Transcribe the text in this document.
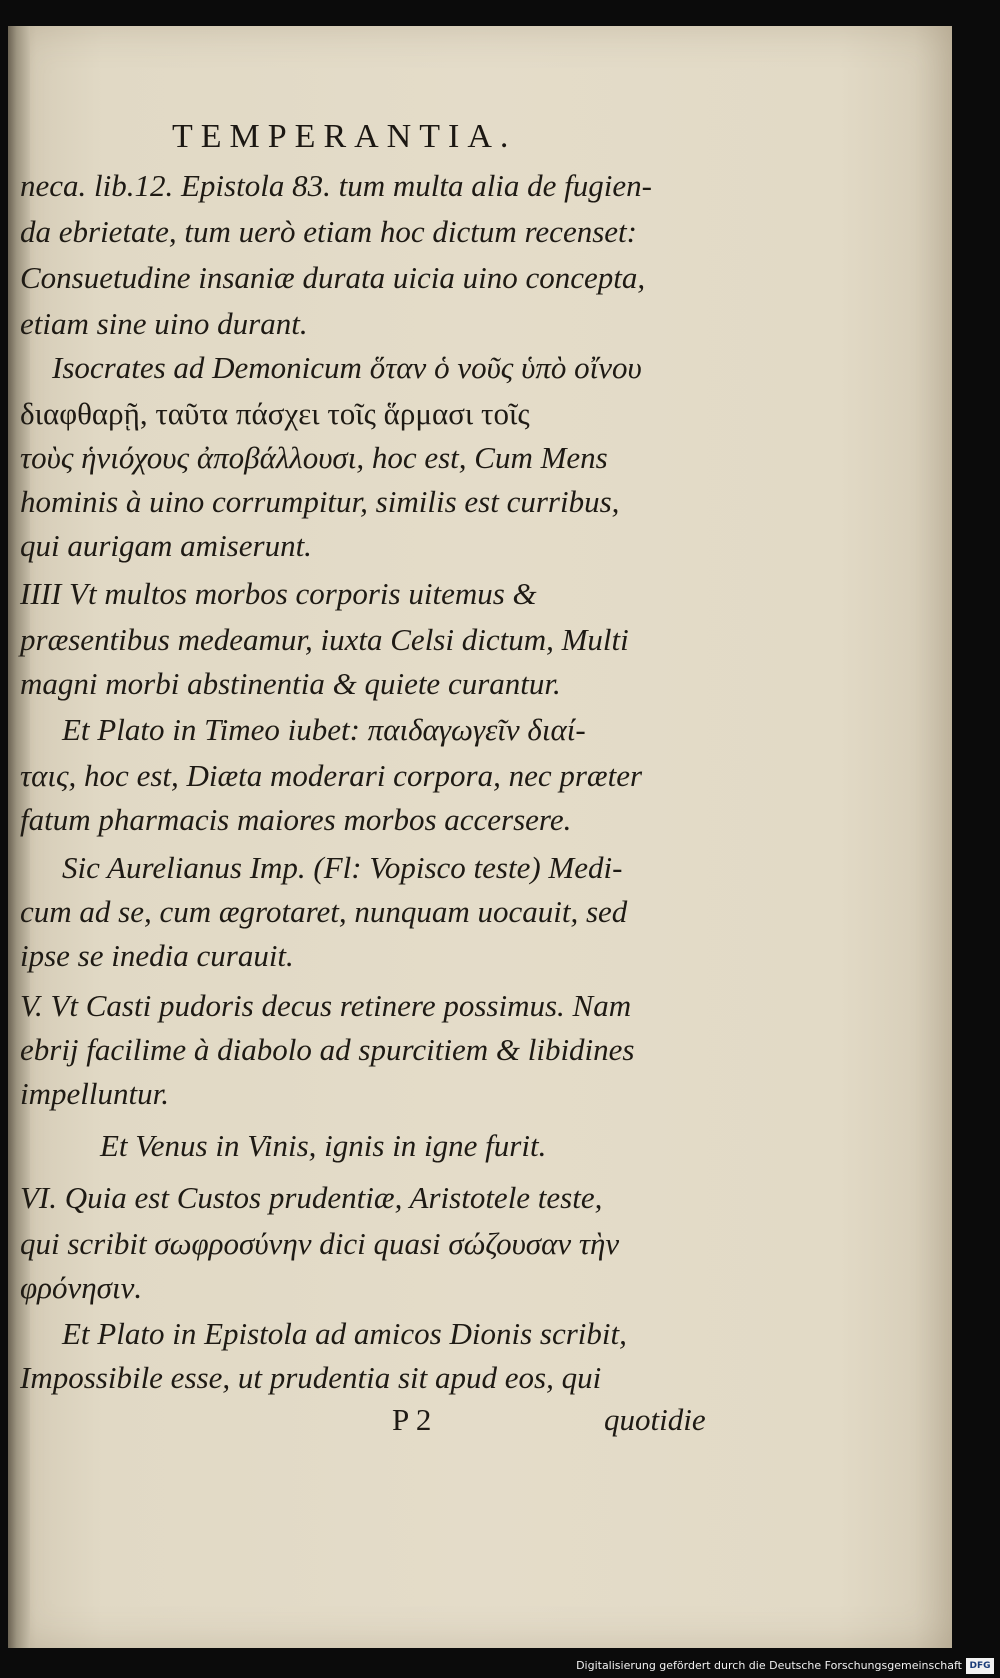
TEMPERANTIA.
neca. lib.12. Epistola 83. tum multa alia de fugien-
da ebrietate, tum uerò etiam hoc dictum recenset:
Consuetudine insaniæ durata uicia uino concepta,
etiam sine uino durant.
Isocrates ad Demonicum ὅταν ὁ νοῦς ὑπὸ οἴνου
διαφθαρῇ, ταῦτα πάσχει τοῖς ἅρμασι τοῖς
τοὺς ἡνιόχους ἀποβάλλουσι, hoc est, Cum Mens
hominis à uino corrumpitur, similis est curribus,
qui aurigam amiserunt.
IIII Vt multos morbos corporis uitemus &
præsentibus medeamur, iuxta Celsi dictum, Multi
magni morbi abstinentia & quiete curantur.
Et Plato in Timeo iubet: παιδαγωγεῖν διαί-
ταις, hoc est, Diæta moderari corpora, nec præter
fatum pharmacis maiores morbos accersere.
Sic Aurelianus Imp. (Fl: Vopisco teste) Medi-
cum ad se, cum ægrotaret, nunquam uocauit, sed
ipse se inedia curauit.
V. Vt Casti pudoris decus retinere possimus. Nam
ebrij facilime à diabolo ad spurcitiem & libidines
impelluntur.
Et Venus in Vinis, ignis in igne furit.
VI. Quia est Custos prudentiæ, Aristotele teste,
qui scribit σωφροσύνην dici quasi σώζουσαν τὴν
φρόνησιν.
Et Plato in Epistola ad amicos Dionis scribit,
Impossibile esse, ut prudentia sit apud eos, qui
P 2	quotidie
Digitalisierung gefördert durch die Deutsche Forschungsgemeinschaft DFG
